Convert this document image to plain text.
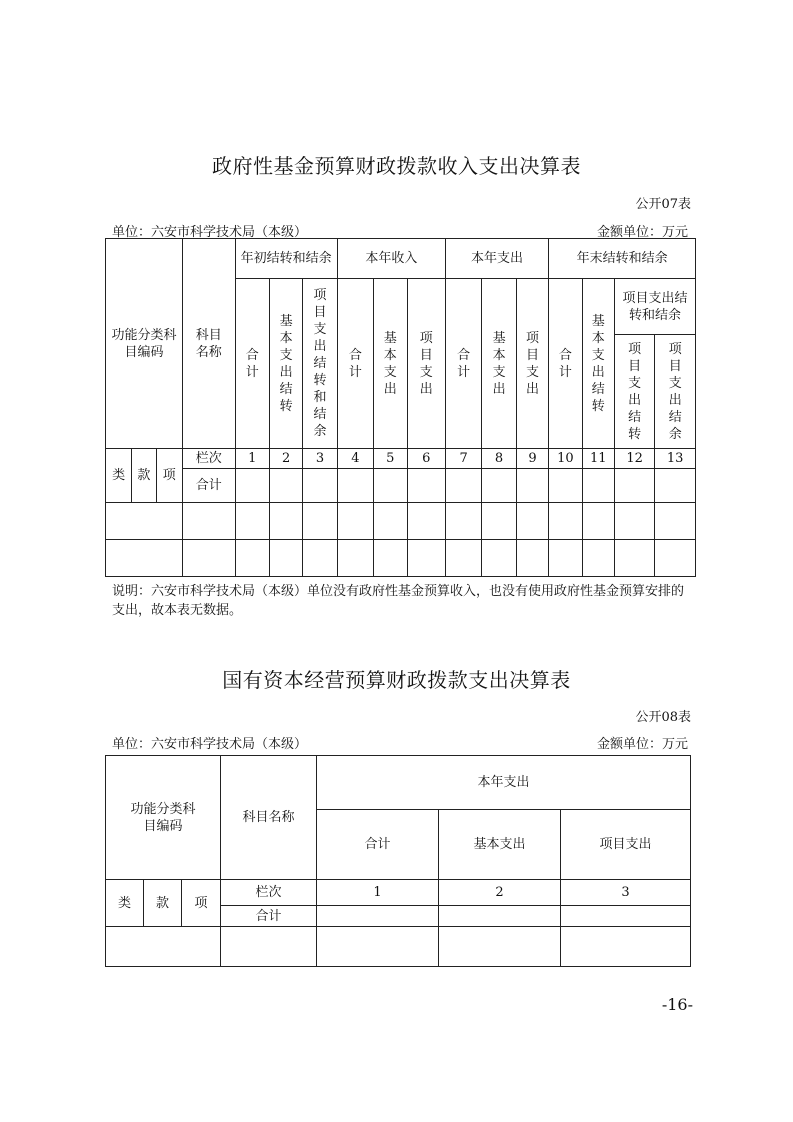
政府性基金预算财政拨款收入支出决算表
公开07表
单位：六安市科学技术局（本级）	金额单位：万元
功能分类科目编码			科目名称	年初结转和结余			本年收入			本年支出			年末结转和结余			
				合计	基本支出结转	项目支出结转和结余	合计	基本支出	项目支出	合计	基本支出	项目支出	合计	基本支出结转	项目支出结转和结余	
															项目支出结转	项目支出结余
类	款	项	栏次	1	2	3	4	5	6	7	8	9	10	11	12	13
			合计													

说明：六安市科学技术局（本级）单位没有政府性基金预算收入，也没有使用政府性基金预算安排的支出，故本表无数据。
国有资本经营预算财政拨款支出决算表
公开08表
单位：六安市科学技术局（本级）	金额单位：万元
功能分类科目编码			科目名称	本年支出		
				合计	基本支出	项目支出
类	款	项	栏次	1	2	3
			合计			

-16-
